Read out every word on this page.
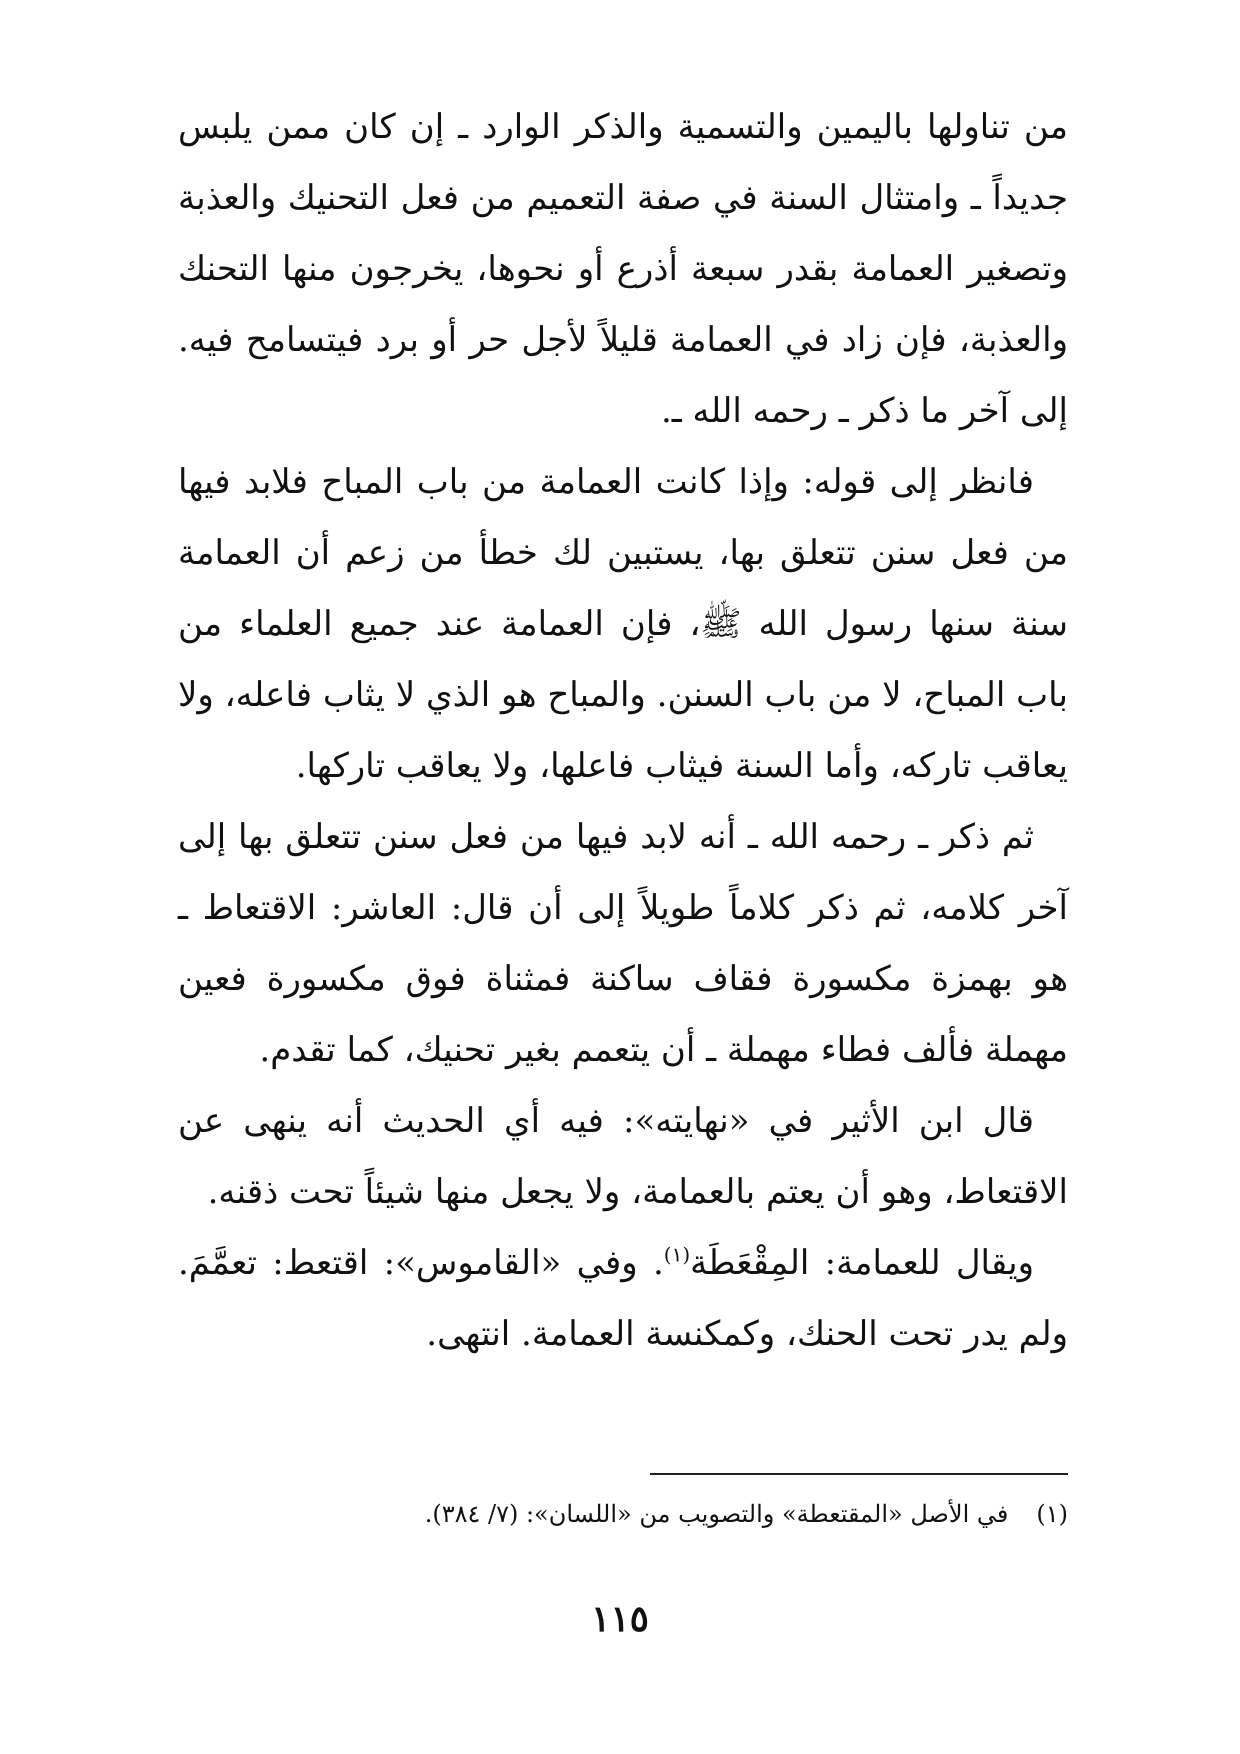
من تناولها باليمين والتسمية والذكر الوارد ـ إن كان ممن يلبس جديداً ـ وامتثال السنة في صفة التعميم من فعل التحنيك والعذبة وتصغير العمامة بقدر سبعة أذرع أو نحوها، يخرجون منها التحنك والعذبة، فإن زاد في العمامة قليلاً لأجل حر أو برد فيتسامح فيه. إلى آخر ما ذكر ـ رحمه الله ـ.

فانظر إلى قوله: وإذا كانت العمامة من باب المباح فلابد فيها من فعل سنن تتعلق بها، يستبين لك خطأ من زعم أن العمامة سنة سنها رسول الله ﷺ، فإن العمامة عند جميع العلماء من باب المباح، لا من باب السنن. والمباح هو الذي لا يثاب فاعله، ولا يعاقب تاركه، وأما السنة فيثاب فاعلها، ولا يعاقب تاركها.

ثم ذكر ـ رحمه الله ـ أنه لابد فيها من فعل سنن تتعلق بها إلى آخر كلامه، ثم ذكر كلاماً طويلاً إلى أن قال: العاشر: الاقتعاط ـ هو بهمزة مكسورة فقاف ساكنة فمثناة فوق مكسورة فعين مهملة فألف فطاء مهملة ـ أن يتعمم بغير تحنيك، كما تقدم.

قال ابن الأثير في «نهايته»: فيه أي الحديث أنه ينهى عن الاقتعاط، وهو أن يعتم بالعمامة، ولا يجعل منها شيئاً تحت ذقنه.

ويقال للعمامة: المِقْعَطَة$^{(١)}$. وفي «القاموس»: اقتعط: تعمَّمَ. ولم يدر تحت الحنك، وكمكنسة العمامة. انتهى.

(١)في الأصل «المقتعطة» والتصويب من «اللسان»: (٧/ ٣٨٤).
١١٥
